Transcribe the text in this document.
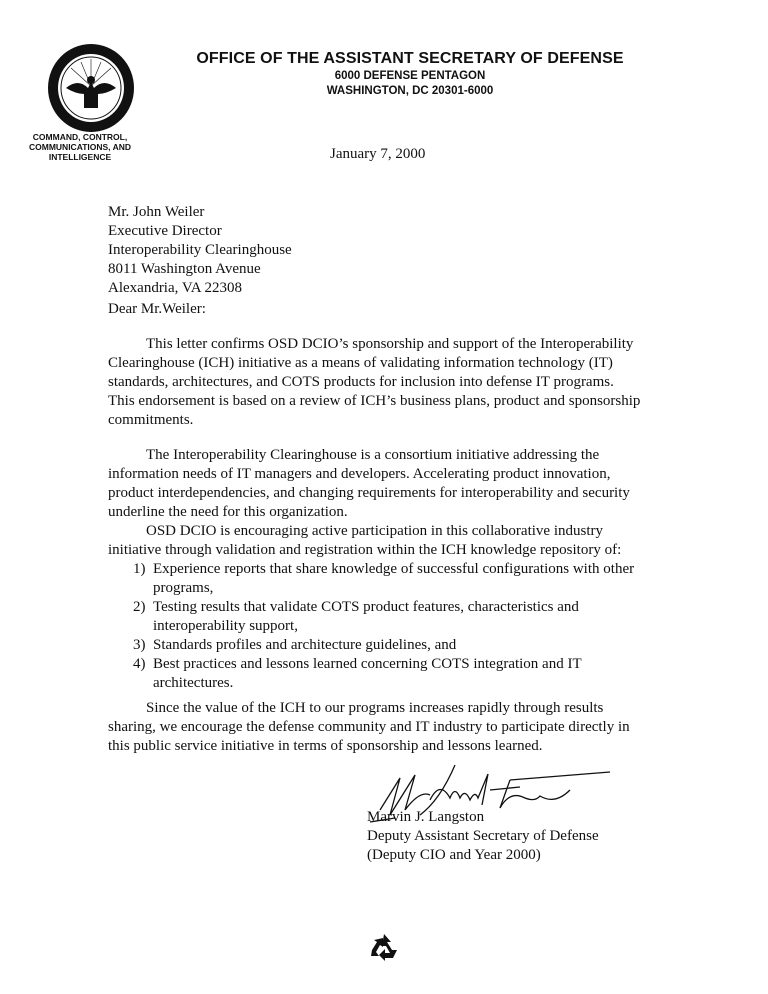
OFFICE OF THE ASSISTANT SECRETARY OF DEFENSE
6000 DEFENSE PENTAGON
WASHINGTON, DC 20301-6000
COMMAND, CONTROL,
COMMUNICATIONS, AND
INTELLIGENCE	January 7, 2000
Mr. John Weiler
Executive Director
Interoperability Clearinghouse
8011 Washington Avenue
Alexandria, VA 22308
Dear Mr.Weiler:
This letter confirms OSD DCIO’s sponsorship and support of the Interoperability
Clearinghouse (ICH) initiative as a means of validating information technology (IT)
standards, architectures, and COTS products for inclusion into defense IT programs.
This endorsement is based on a review of ICH’s business plans, product and sponsorship
commitments.
The Interoperability Clearinghouse is a consortium initiative addressing the
information needs of IT managers and developers. Accelerating product innovation,
product interdependencies, and changing requirements for interoperability and security
underline the need for this organization.
OSD DCIO is encouraging active participation in this collaborative industry
initiative through validation and registration within the ICH knowledge repository of:
1) Experience reports that share knowledge of successful configurations with other
programs,
2) Testing results that validate COTS product features, characteristics and
interoperability support,
3) Standards profiles and architecture guidelines, and
4) Best practices and lessons learned concerning COTS integration and IT
architectures.
Since the value of the ICH to our programs increases rapidly through results
sharing, we encourage the defense community and IT industry to participate directly in
this public service initiative in terms of sponsorship and lessons learned.
Marvin J. Langston
Deputy Assistant Secretary of Defense
(Deputy CIO and Year 2000)
